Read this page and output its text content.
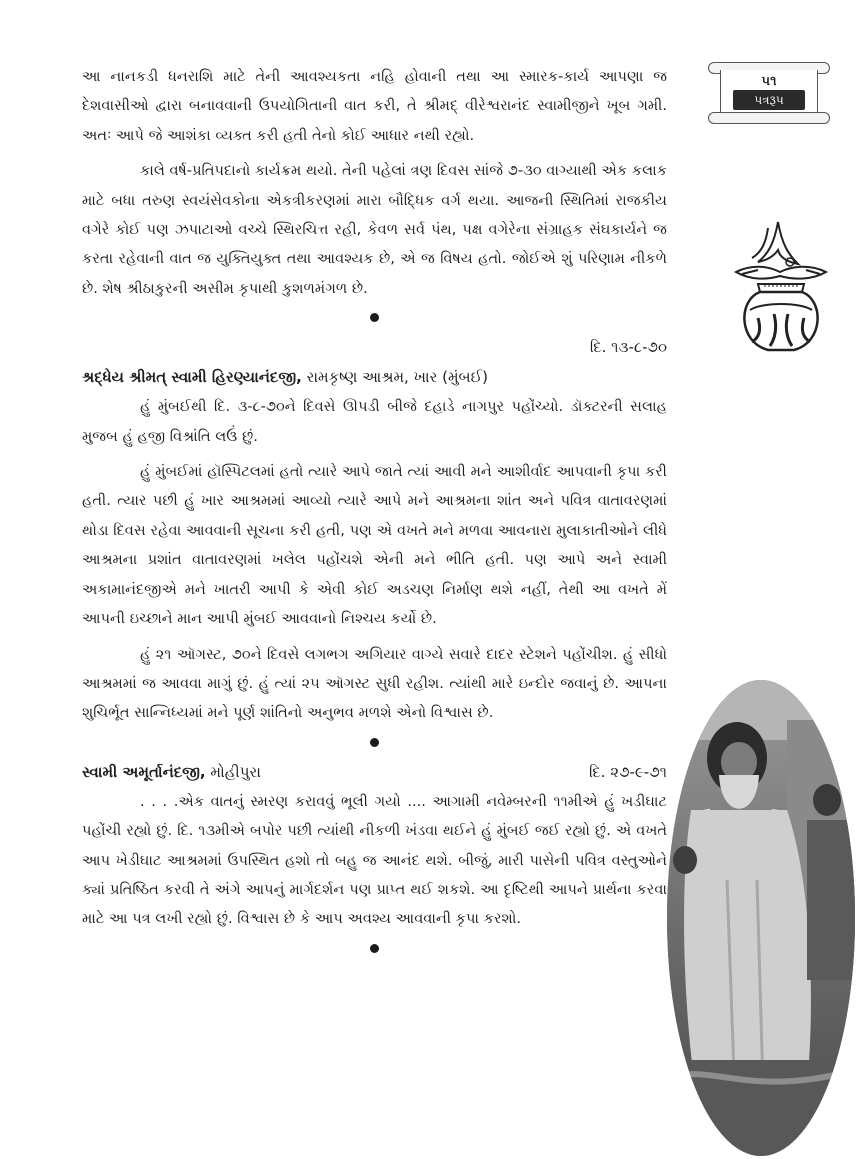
૫૧
પત્રરૂપ

આ નાનકડી ધનરાશિ માટે તેની આવશ્યકતા નહિ હોવાની તથા આ સ્મારક-કાર્ય આપણા જ દેશવાસીઓ દ્વારા બનાવવાની ઉપયોગિતાની વાત કરી, તે શ્રીમદ્ વીરેશ્વરાનંદ સ્વામીજીને ખૂબ ગમી. અતઃ આપે જે આશંકા વ્યક્ત કરી હતી તેનો કોઈ આધાર નથી રહ્યો.

કાલે વર્ષ-પ્રતિપદાનો કાર્યક્રમ થયો. તેની પહેલાં ત્રણ દિવસ સાંજે ૭-૩૦ વાગ્યાથી એક કલાક માટે બધા તરુણ સ્વયંસેવકોના એકત્રીકરણમાં મારા બૌદ્ધિક વર્ગ થયા. આજની સ્થિતિમાં રાજકીય વગેરે કોઈ પણ ઝપાટાઓ વચ્ચે સ્થિરચિત્ત રહી, કેવળ સર્વ પંથ, પક્ષ વગેરેના સંગ્રાહક સંઘકાર્યને જ કરતા રહેવાની વાત જ યુક્તિયુક્ત તથા આવશ્યક છે, એ જ વિષય હતો. જોઈએ શું પરિણામ નીકળે છે. શેષ શ્રીઠાકુરની અસીમ કૃપાથી કુશળમંગળ છે.

દિ. ૧૩-૮-૭૦

શ્રદ્ધેય શ્રીમત્ સ્વામી હિરણ્યાનંદજી, રામકૃષ્ણ આશ્રમ, ખાર (મુંબઈ)

હું મુંબઈથી દિ. ૩-૮-૭૦ને દિવસે ઊપડી બીજે દહાડે નાગપુર પહોંચ્યો. ડૉક્ટરની સલાહ મુજબ હું હજી વિશ્રાંતિ લઉં છું.

હું મુંબઈમાં હૉસ્પિટલમાં હતો ત્યારે આપે જાતે ત્યાં આવી મને આશીર્વાદ આપવાની કૃપા કરી હતી. ત્યાર પછી હું ખાર આશ્રમમાં આવ્યો ત્યારે આપે મને આશ્રમના શાંત અને પવિત્ર વાતાવરણમાં થોડા દિવસ રહેવા આવવાની સૂચના કરી હતી, પણ એ વખતે મને મળવા આવનારા મુલાકાતીઓને લીધે આશ્રમના પ્રશાંત વાતાવરણમાં ખલેલ પહોંચશે એની મને ભીતિ હતી. પણ આપે અને સ્વામી અકામાનંદજીએ મને ખાતરી આપી કે એવી કોઈ અડચણ નિર્માણ થશે નહીં, તેથી આ વખતે મેં આપની ઇચ્છાને માન આપી મુંબઈ આવવાનો નિશ્ચય કર્યો છે.

હું ૨૧ ઑગસ્ટ, ૭૦ને દિવસે લગભગ અગિયાર વાગ્યે સવારે દાદર સ્ટેશને પહોંચીશ. હું સીધો આશ્રમમાં જ આવવા માગું છું. હું ત્યાં ૨૫ ઑગસ્ટ સુધી રહીશ. ત્યાંથી મારે ઇન્દોર જવાનું છે. આપના શુચિર્ભૂત સાન્નિધ્યમાં મને પૂર્ણ શાંતિનો અનુભવ મળશે એનો વિશ્વાસ છે.

સ્વામી અમૂર્તાનંદજી, મોહીપુરા	દિ. ૨૭-૯-૭૧

. . . .એક વાતનું સ્મરણ કરાવવું ભૂલી ગયો .... આગામી નવેમ્બરની ૧૧મીએ હું ખડીઘાટ પહોંચી રહ્યો છું. દિ. ૧૩મીએ બપોર પછી ત્યાંથી નીકળી ખંડવા થઈને હું મુંબઈ જઈ રહ્યો છું. એ વખતે આપ ખેડીઘાટ આશ્રમમાં ઉપસ્થિત હશો તો બહુ જ આનંદ થશે. બીજું, મારી પાસેની પવિત્ર વસ્તુઓને ક્યાં પ્રતિષ્ઠિત કરવી તે અંગે આપનું માર્ગદર્શન પણ પ્રાપ્ત થઈ શકશે. આ દૃષ્ટિથી આપને પ્રાર્થના કરવા માટે આ પત્ર લખી રહ્યો છું. વિશ્વાસ છે કે આપ અવશ્ય આવવાની કૃપા કરશો.
